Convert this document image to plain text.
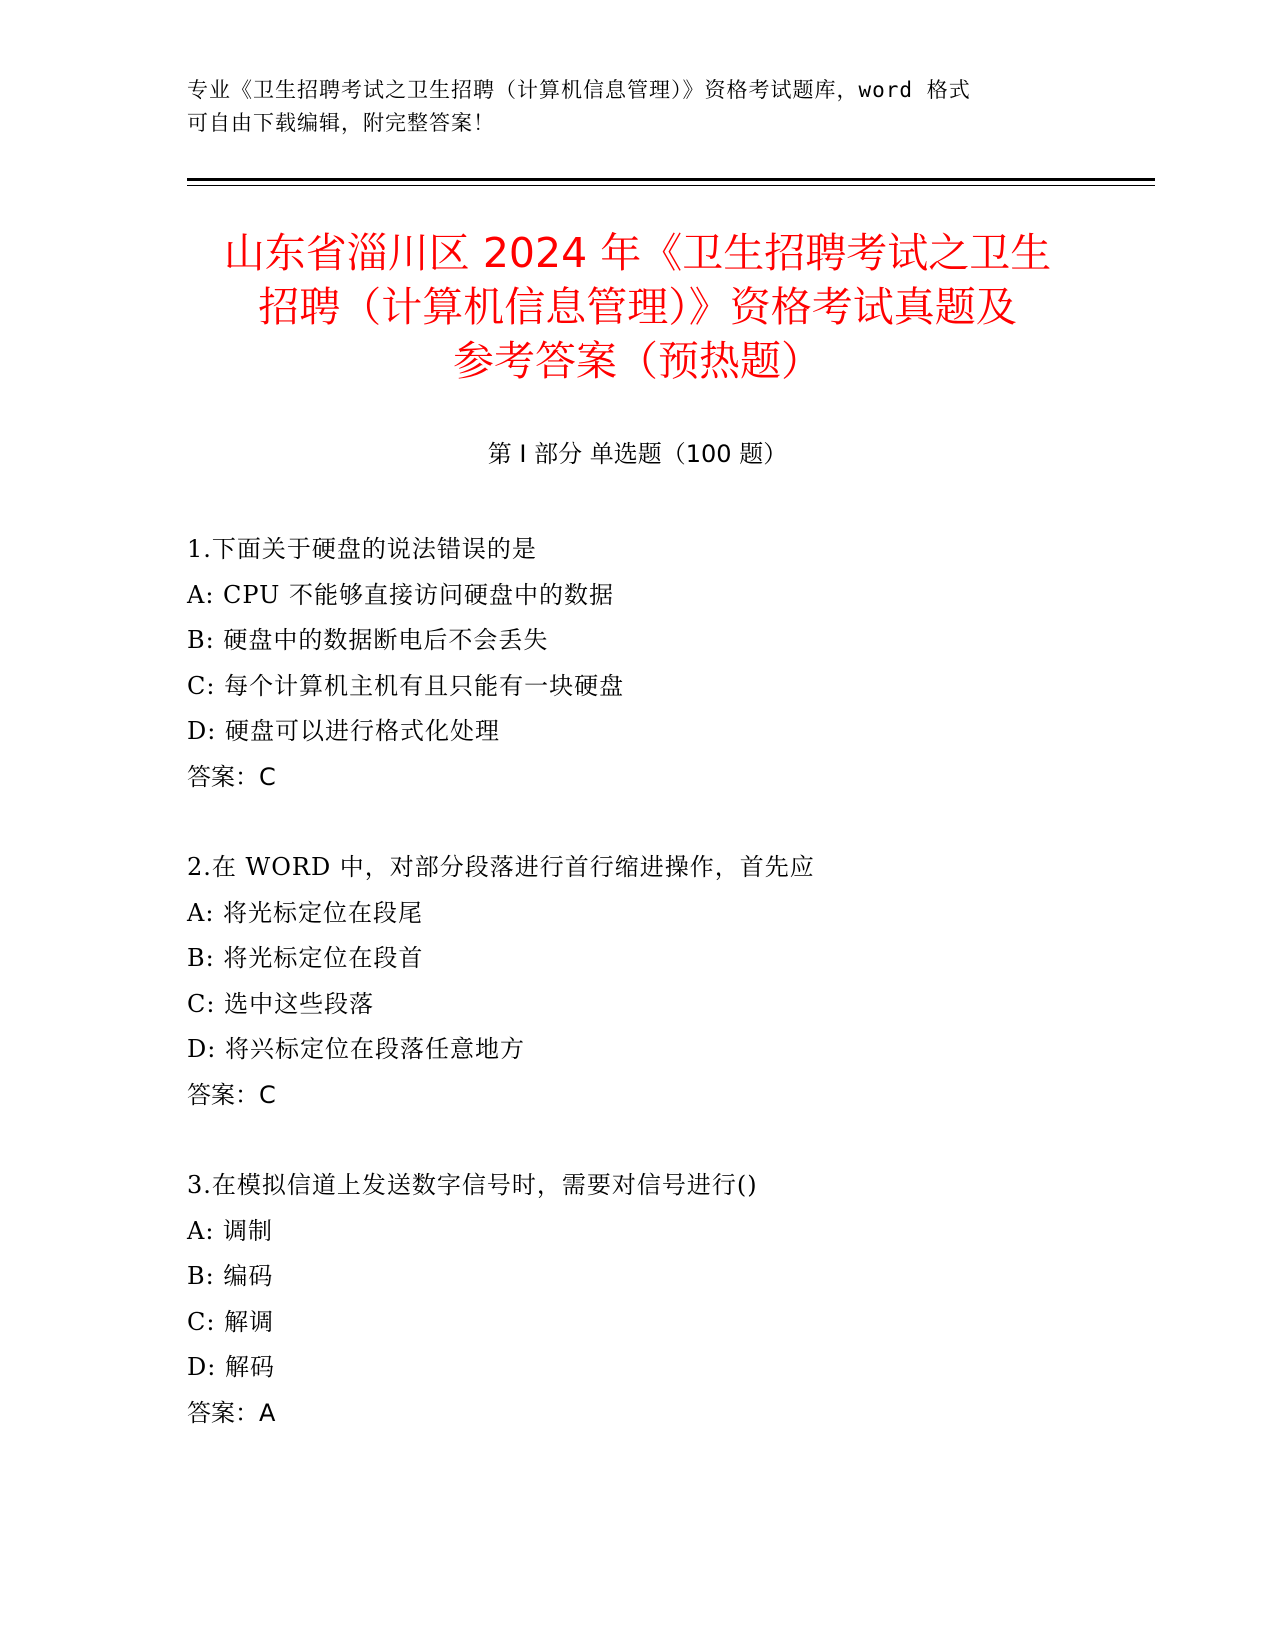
专业《卫生招聘考试之卫生招聘（计算机信息管理）》资格考试题库，word 格式
可自由下载编辑，附完整答案！
山东省淄川区 2024 年《卫生招聘考试之卫生
招聘（计算机信息管理）》资格考试真题及
参考答案（预热题）
第 I 部分 单选题（100 题）
1.下面关于硬盘的说法错误的是
A: CPU 不能够直接访问硬盘中的数据
B: 硬盘中的数据断电后不会丢失
C: 每个计算机主机有且只能有一块硬盘
D: 硬盘可以进行格式化处理
答案：C
2.在 WORD 中，对部分段落进行首行缩进操作，首先应
A: 将光标定位在段尾
B: 将光标定位在段首
C: 选中这些段落
D: 将兴标定位在段落任意地方
答案：C
3.在模拟信道上发送数字信号时，需要对信号进行()
A: 调制
B: 编码
C: 解调
D: 解码
答案：A
